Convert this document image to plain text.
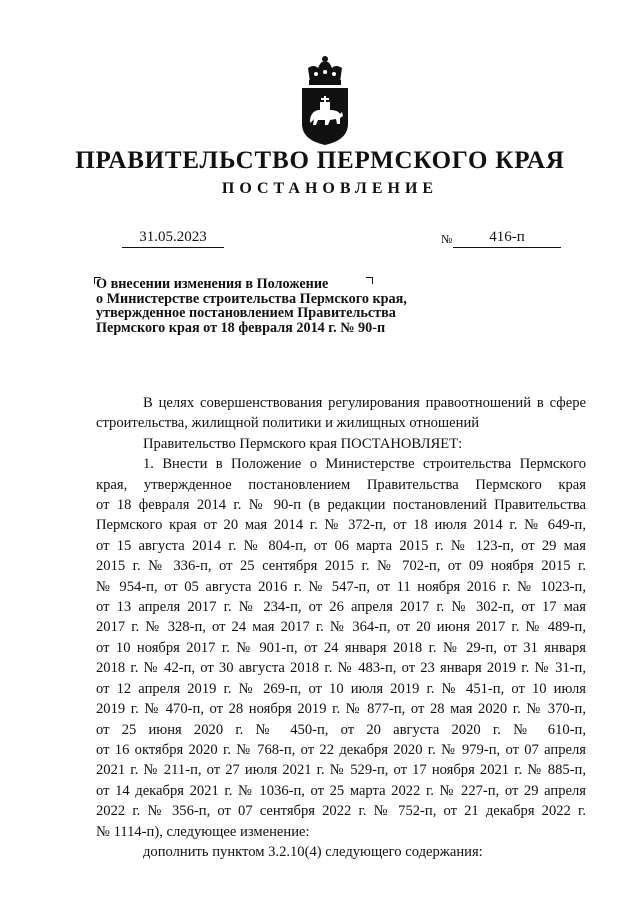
ПРАВИТЕЛЬСТВО ПЕРМСКОГО КРАЯ
ПОСТАНОВЛЕНИЕ
31.05.2023	№	416-п
О внесении изменения в Положение
о Министерстве строительства Пермского края,
утвержденное постановлением Правительства
Пермского края от 18 февраля 2014 г. № 90-п

В целях совершенствования регулирования правоотношений в сфере

строительства, жилищной политики и жилищных отношений

Правительство Пермского края ПОСТАНОВЛЯЕТ:

1. Внести в Положение о Министерстве строительства Пермского

края, утвержденное постановлением Правительства Пермского края

от 18 февраля 2014 г. № 90-п (в редакции постановлений Правительства

Пермского края от 20 мая 2014 г. № 372-п, от 18 июля 2014 г. № 649-п,

от 15 августа 2014 г. № 804-п, от 06 марта 2015 г. № 123-п, от 29 мая

2015 г. № 336-п, от 25 сентября 2015 г. № 702-п, от 09 ноября 2015 г.

№ 954-п, от 05 августа 2016 г. № 547-п, от 11 ноября 2016 г. № 1023-п,

от 13 апреля 2017 г. № 234-п, от 26 апреля 2017 г. № 302-п, от 17 мая

2017 г. № 328-п, от 24 мая 2017 г. № 364-п, от 20 июня 2017 г. № 489-п,

от 10 ноября 2017 г. № 901-п, от 24 января 2018 г. № 29-п, от 31 января

2018 г. № 42-п, от 30 августа 2018 г. № 483-п, от 23 января 2019 г. № 31-п,

от 12 апреля 2019 г. № 269-п, от 10 июля 2019 г. № 451-п, от 10 июля

2019 г. № 470-п, от 28 ноября 2019 г. № 877-п, от 28 мая 2020 г. № 370-п,

от 25 июня 2020 г. № 450-п, от 20 августа 2020 г. № 610-п,

от 16 октября 2020 г. № 768-п, от 22 декабря 2020 г. № 979-п, от 07 апреля

2021 г. № 211-п, от 27 июля 2021 г. № 529-п, от 17 ноября 2021 г. № 885-п,

от 14 декабря 2021 г. № 1036-п, от 25 марта 2022 г. № 227-п, от 29 апреля

2022 г. № 356-п, от 07 сентября 2022 г. № 752-п, от 21 декабря 2022 г.

№ 1114-п), следующее изменение:

дополнить пунктом 3.2.10(4) следующего содержания:
